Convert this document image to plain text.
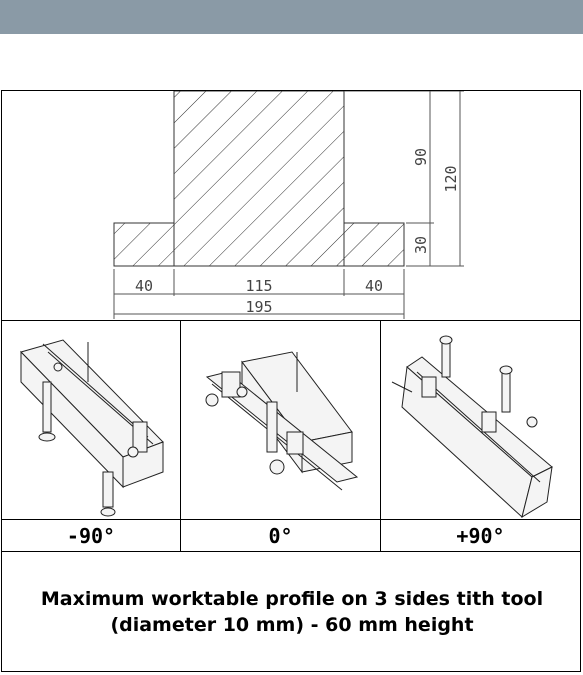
40	115	40
195
90
120
30
-90°	0°	+90°
Maximum worktable profile on 3 sides tith tool
(diameter 10 mm) - 60 mm height
